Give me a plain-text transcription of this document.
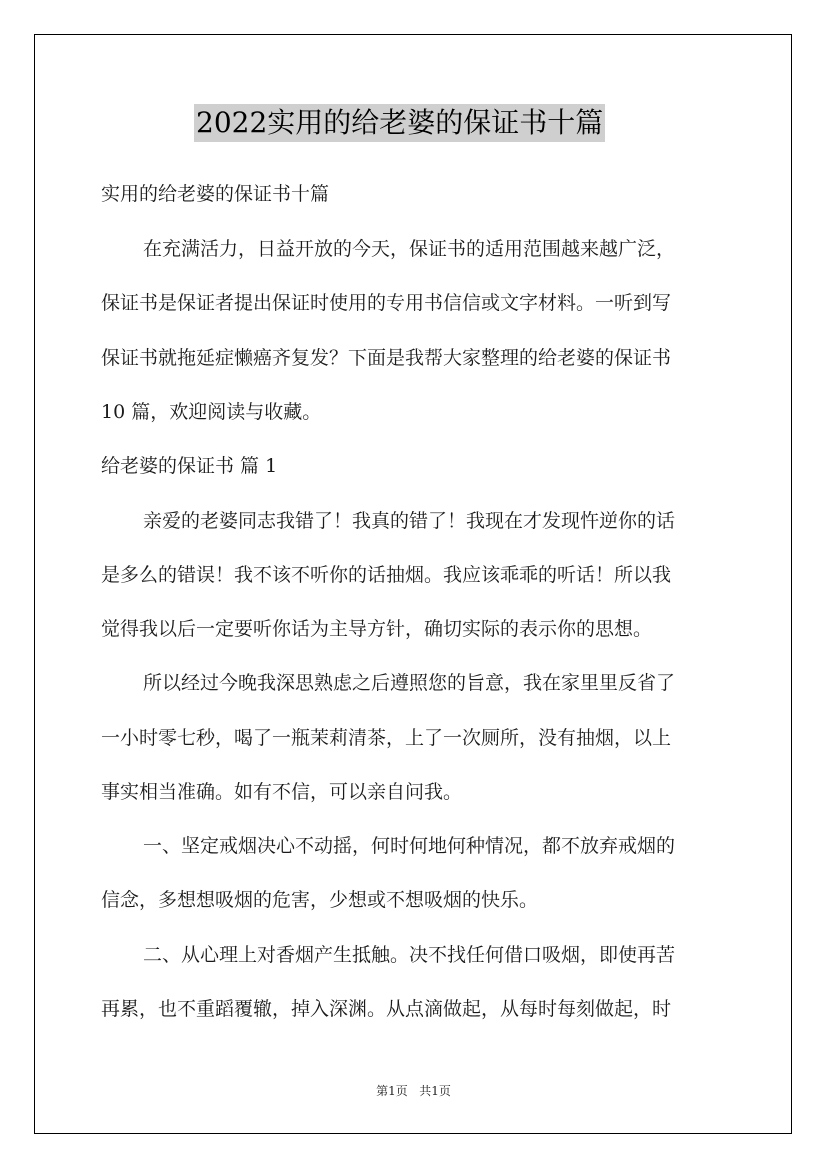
2022实用的给老婆的保证书十篇
实用的给老婆的保证书十篇
在充满活力，日益开放的今天，保证书的适用范围越来越广泛，
保证书是保证者提出保证时使用的专用书信信或文字材料。一听到写
保证书就拖延症懒癌齐复发？下面是我帮大家整理的给老婆的保证书
10 篇，欢迎阅读与收藏。
给老婆的保证书 篇 1
亲爱的老婆同志我错了！我真的错了！我现在才发现忤逆你的话
是多么的错误！我不该不听你的话抽烟。我应该乖乖的听话！所以我
觉得我以后一定要听你话为主导方针，确切实际的表示你的思想。
所以经过今晚我深思熟虑之后遵照您的旨意，我在家里里反省了
一小时零七秒，喝了一瓶茉莉清茶，上了一次厕所，没有抽烟，以上
事实相当准确。如有不信，可以亲自问我。
一、坚定戒烟决心不动摇，何时何地何种情况，都不放弃戒烟的
信念，多想想吸烟的危害，少想或不想吸烟的快乐。
二、从心理上对香烟产生抵触。决不找任何借口吸烟，即使再苦
再累，也不重蹈覆辙，掉入深渊。从点滴做起，从每时每刻做起，时
第1页 共1页
